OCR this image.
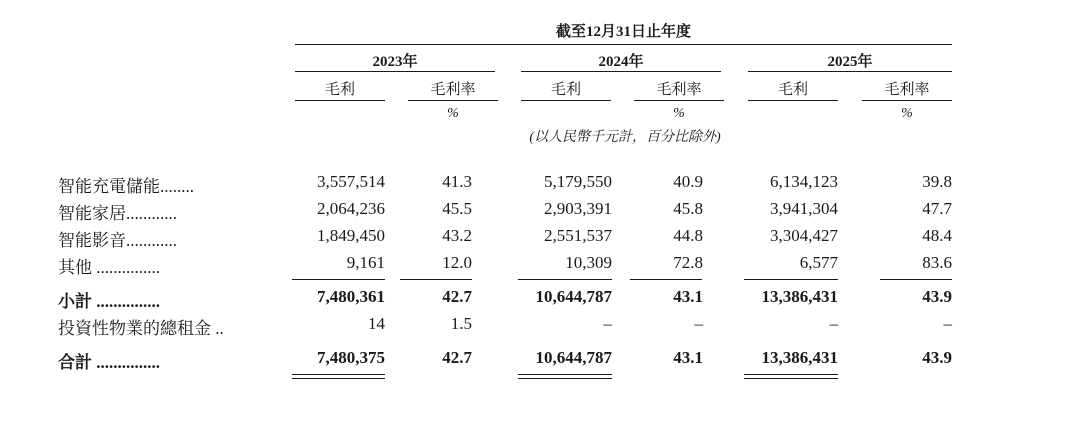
截至12月31日止年度
2023年	2024年	2025年
毛利	毛利率	毛利	毛利率	毛利	毛利率
%	%	%
(以人民幣千元計，百分比除外)
智能充電儲能........	3,557,514	41.3	5,179,550	40.9	6,134,123	39.8
智能家居............	2,064,236	45.5	2,903,391	45.8	3,941,304	47.7
智能影音............	1,849,450	43.2	2,551,537	44.8	3,304,427	48.4
其他 ...............	9,161	12.0	10,309	72.8	6,577	83.6
小計 ...............	7,480,361	42.7	10,644,787	43.1	13,386,431	43.9
投資性物業的總租金 ..	14	1.5	–	–	–	–
合計 ...............	7,480,375	42.7	10,644,787	43.1	13,386,431	43.9
